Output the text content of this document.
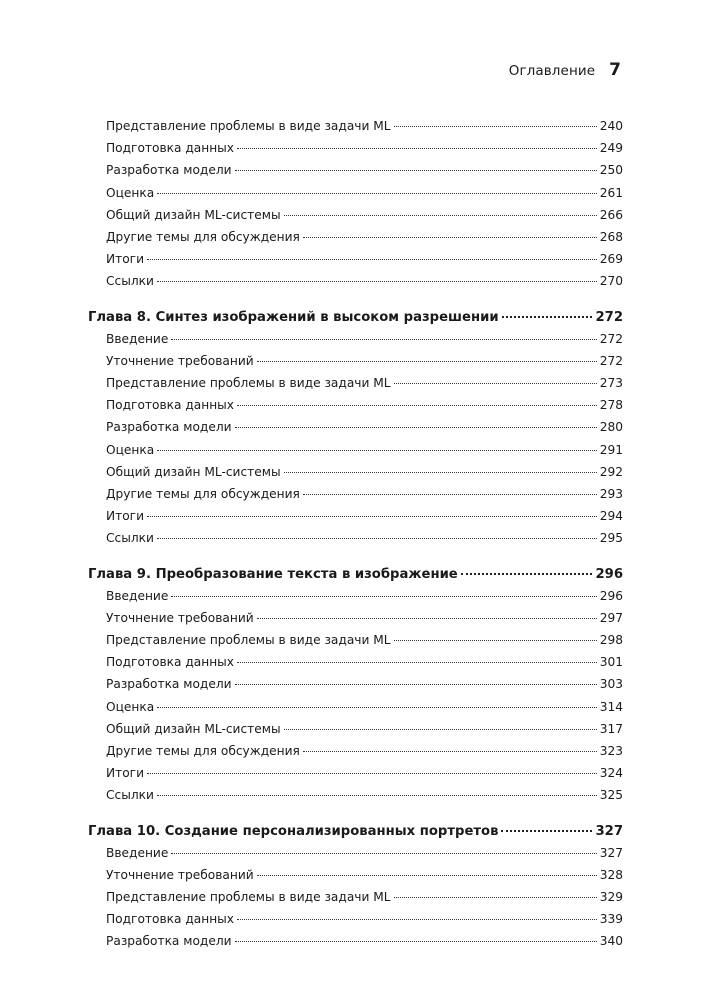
Оглавление 7
Представление проблемы в виде задачи ML	240
Подготовка данных	249
Разработка модели	250
Оценка	261
Общий дизайн ML-системы	266
Другие темы для обсуждения	268
Итоги	269
Ссылки	270
Глава 8. Синтез изображений в высоком разрешении	272
Введение	272
Уточнение требований	272
Представление проблемы в виде задачи ML	273
Подготовка данных	278
Разработка модели	280
Оценка	291
Общий дизайн ML-системы	292
Другие темы для обсуждения	293
Итоги	294
Ссылки	295
Глава 9. Преобразование текста в изображение	296
Введение	296
Уточнение требований	297
Представление проблемы в виде задачи ML	298
Подготовка данных	301
Разработка модели	303
Оценка	314
Общий дизайн ML-системы	317
Другие темы для обсуждения	323
Итоги	324
Ссылки	325
Глава 10. Создание персонализированных портретов	327
Введение	327
Уточнение требований	328
Представление проблемы в виде задачи ML	329
Подготовка данных	339
Разработка модели	340
